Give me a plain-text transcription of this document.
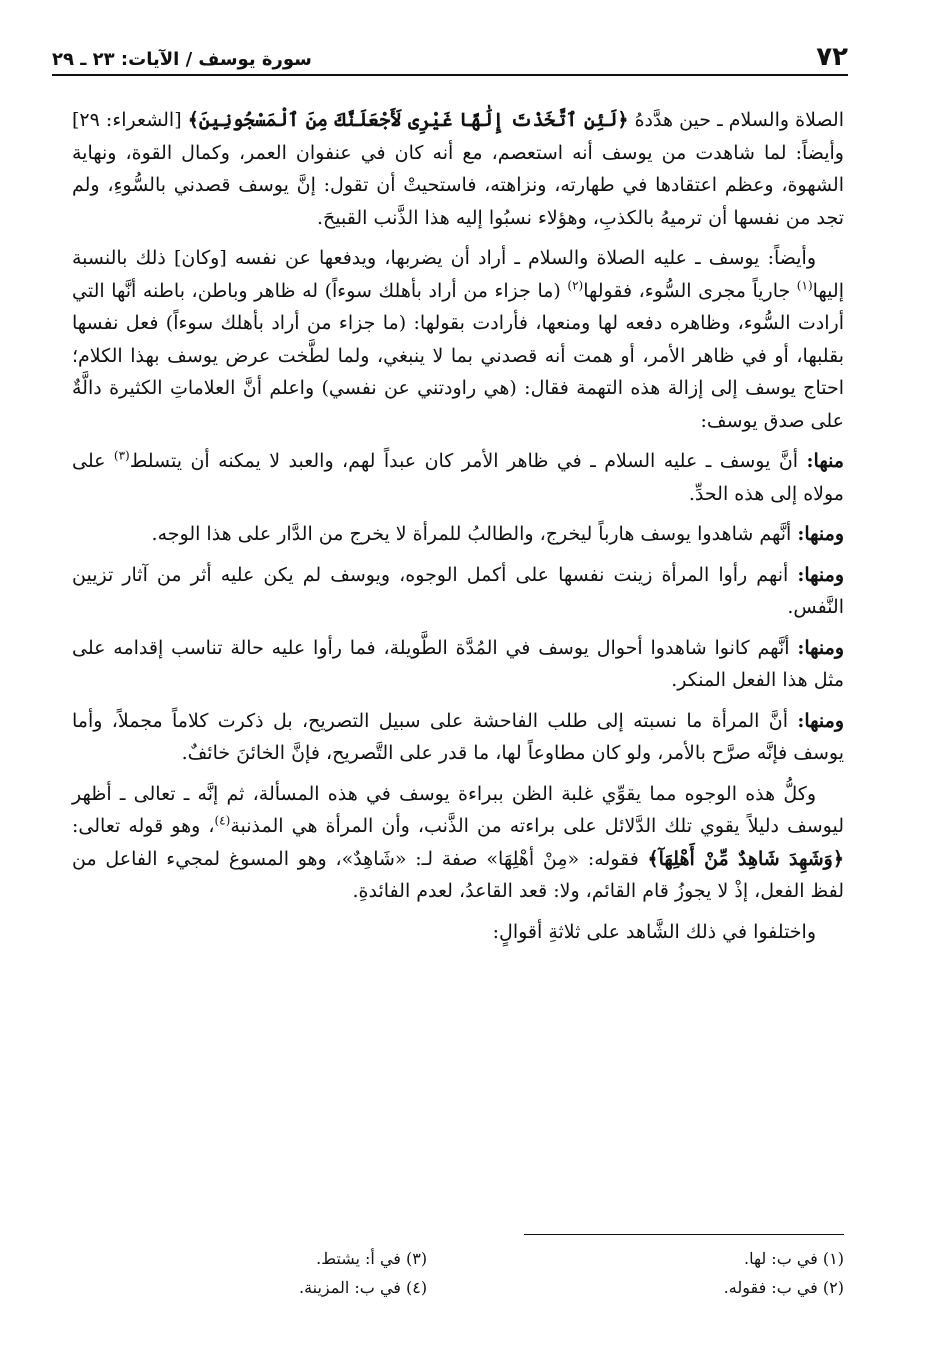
٧٢
سورة يوسف / الآيات: ٢٣ ـ ٢٩

الصلاة والسلام ـ حين هدَّدهُ ﴿لَئِنِ ٱتَّخَذْتَ إِلَٰهًا غَيْرِى لَأَجْعَلَنَّكَ مِنَ ٱلْمَسْجُونِينَ﴾ [الشعراء: ٢٩] وأيضاً: لما شاهدت من يوسف أنه استعصم، مع أنه كان في عنفوان العمر، وكمال القوة، ونهاية الشهوة، وعظم اعتقادها في طهارته، ونزاهته، فاستحيتْ أن تقول: إنَّ يوسف قصدني بالسُّوءِ، ولم تجد من نفسها أن ترميهُ بالكذبِ، وهؤلاء نسبُوا إليه هذا الذَّنب القبيحَ.

وأيضاً: يوسف ـ عليه الصلاة والسلام ـ أراد أن يضربها، ويدفعها عن نفسه [وكان] ذلك بالنسبة إليها$^{(١)}$ جارياً مجرى السُّوء، فقولها$^{(٢)}$ (ما جزاء من أراد بأهلك سوءاً) له ظاهر وباطن، باطنه أنَّها التي أرادت السُّوء، وظاهره دفعه لها ومنعها، فأرادت بقولها: (ما جزاء من أراد بأهلك سوءاً) فعل نفسها بقلبها، أو في ظاهر الأمر، أو همت أنه قصدني بما لا ينبغي، ولما لطَّخت عرض يوسف بهذا الكلام؛ احتاج يوسف إلى إزالة هذه التهمة فقال: (هي راودتني عن نفسي) واعلم أنَّ العلاماتِ الكثيرة دالَّةٌ على صدق يوسف:

منها: أنَّ يوسف ـ عليه السلام ـ في ظاهر الأمر كان عبداً لهم، والعبد لا يمكنه أن يتسلط$^{(٣)}$ على مولاه إلى هذه الحدِّ.

ومنها: أنَّهم شاهدوا يوسف هارباً ليخرج، والطالبُ للمرأة لا يخرج من الدَّار على هذا الوجه.

ومنها: أنهم رأوا المرأة زينت نفسها على أكمل الوجوه، ويوسف لم يكن عليه أثر من آثار تزيين النَّفس.

ومنها: أنَّهم كانوا شاهدوا أحوال يوسف في المُدَّة الطَّويلة، فما رأوا عليه حالة تناسب إقدامه على مثل هذا الفعل المنكر.

ومنها: أنَّ المرأة ما نسبته إلى طلب الفاحشة على سبيل التصريح، بل ذكرت كلاماً مجملاً، وأما يوسف فإنَّه صرَّح بالأمر، ولو كان مطاوعاً لها، ما قدر على التَّصريح، فإنَّ الخائنَ خائفٌ.

وكلُّ هذه الوجوه مما يقوِّي غلبة الظن ببراءة يوسف في هذه المسألة، ثم إنَّه ـ تعالى ـ أظهر ليوسف دليلاً يقوي تلك الدَّلائل على براءته من الذَّنب، وأن المرأة هي المذنبة$^{(٤)}$، وهو قوله تعالى: ﴿وَشَهِدَ شَاهِدٌ مِّنْ أَهْلِهَآ﴾ فقوله: «مِنْ أهْلِهَا» صفة لـ: «شَاهِدٌ»، وهو المسوغ لمجيء الفاعل من لفظ الفعل، إذْ لا يجوزُ قام القائم، ولا: قعد القاعدُ، لعدم الفائدةِ.

واختلفوا في ذلك الشَّاهد على ثلاثةِ أقوالٍ:

(١) في ب: لها.
(٢) في ب: فقوله.
(٣) في أ: يشتط.
(٤) في ب: المزينة.
